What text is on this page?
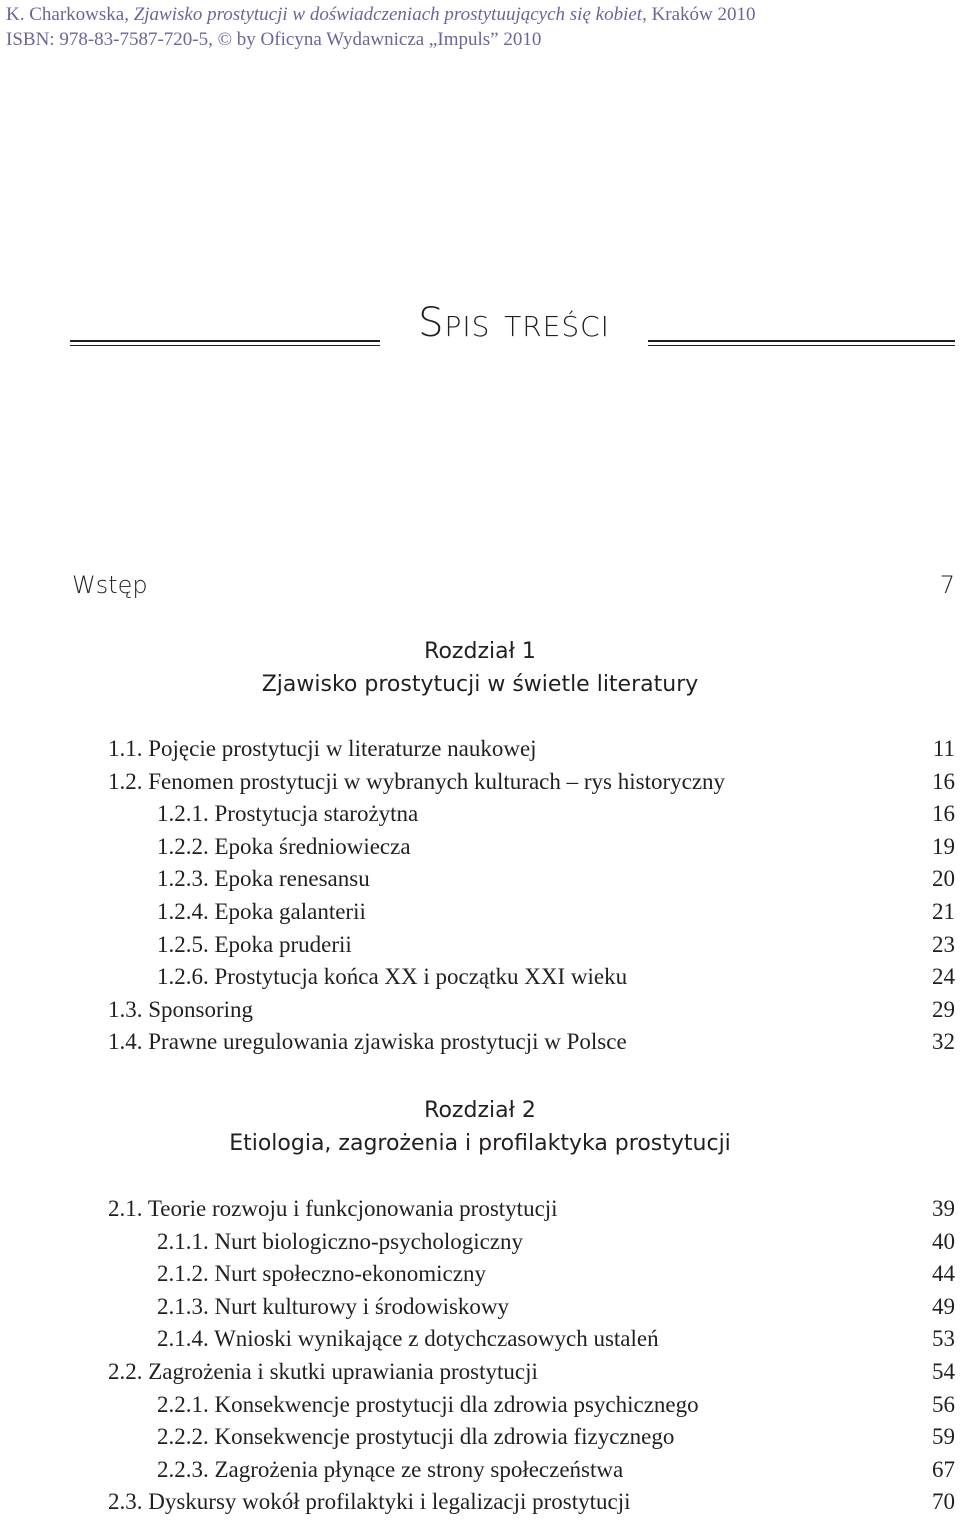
K. Charkowska, Zjawisko prostytucji w doświadczeniach prostytuujących się kobiet, Kraków 2010
ISBN: 978-83-7587-720-5, © by Oficyna Wydawnicza „Impuls” 2010
Spis treści
Wstęp	7
Rozdział 1
Zjawisko prostytucji w świetle literatury
1.1. Pojęcie prostytucji w literaturze naukowej	11
1.2. Fenomen prostytucji w wybranych kulturach – rys historyczny	16
1.2.1. Prostytucja starożytna	16
1.2.2. Epoka średniowiecza	19
1.2.3. Epoka renesansu	20
1.2.4. Epoka galanterii	21
1.2.5. Epoka pruderii	23
1.2.6. Prostytucja końca XX i początku XXI wieku	24
1.3. Sponsoring	29
1.4. Prawne uregulowania zjawiska prostytucji w Polsce	32
Rozdział 2
Etiologia, zagrożenia i profilaktyka prostytucji
2.1. Teorie rozwoju i funkcjonowania prostytucji	39
2.1.1. Nurt biologiczno-psychologiczny	40
2.1.2. Nurt społeczno-ekonomiczny	44
2.1.3. Nurt kulturowy i środowiskowy	49
2.1.4. Wnioski wynikające z dotychczasowych ustaleń	53
2.2. Zagrożenia i skutki uprawiania prostytucji	54
2.2.1. Konsekwencje prostytucji dla zdrowia psychicznego	56
2.2.2. Konsekwencje prostytucji dla zdrowia fizycznego	59
2.2.3. Zagrożenia płynące ze strony społeczeństwa	67
2.3. Dyskursy wokół profilaktyki i legalizacji prostytucji	70
